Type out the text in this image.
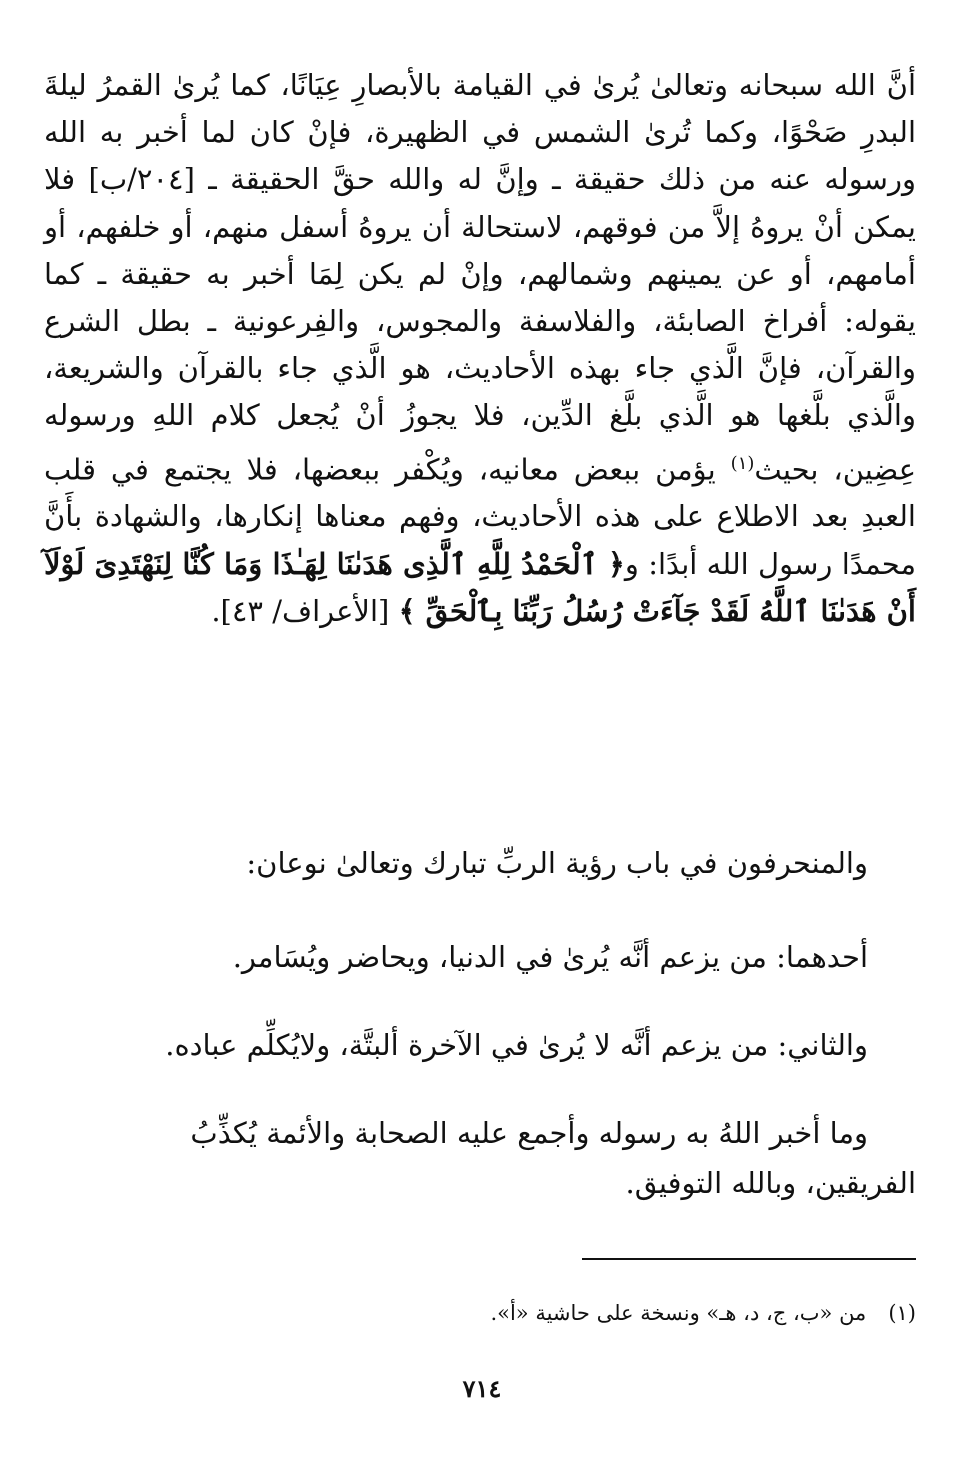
أنَّ الله سبحانه وتعالىٰ يُرىٰ في القيامة بالأبصارِ عِيَانًا، كما يُرىٰ القمرُ ليلةَ البدرِ صَحْوًا، وكما تُرىٰ الشمس في الظهيرة، فإنْ كان لما أخبر به الله ورسوله عنه من ذلك حقيقة ـ وإنَّ له والله حقَّ الحقيقة ـ [٢٠٤/ب] فلا يمكن أنْ يروهُ إلاَّ من فوقهم، لاستحالة أن يروهُ أسفل منهم، أو خلفهم، أو أمامهم، أو عن يمينهم وشمالهم، وإنْ لم يكن لِمَا أخبر به حقيقة ـ كما يقوله: أفراخ الصابئة، والفلاسفة والمجوس، والفِرعونية ـ بطل الشرع والقرآن، فإنَّ الَّذي جاء بهذه الأحاديث، هو الَّذي جاء بالقرآن والشريعة، والَّذي بلَّغها هو الَّذي بلَّغ الدِّين، فلا يجوزُ أنْ يُجعل كلام اللهِ ورسوله عِضِين، بحيث$^{(١)}$ يؤمن ببعض معانيه، ويُكْفر ببعضها، فلا يجتمع في قلب العبدِ بعد الاطلاع على هذه الأحاديث، وفهم معناها إنكارها، والشهادة بأَنَّ محمدًا رسول الله أبدًا: و﴿ ٱلْحَمْدُ لِلَّهِ ٱلَّذِى هَدَىٰنَا لِهَـٰذَا وَمَا كُنَّا لِنَهْتَدِىَ لَوْلَآ أَنْ هَدَىٰنَا ٱللَّهُ لَقَدْ جَآءَتْ رُسُلُ رَبِّنَا بِٱلْحَقِّ ﴾ [الأعراف/ ٤٣].

والمنحرفون في باب رؤية الربِّ تبارك وتعالىٰ نوعان:

أحدهما: من يزعم أنَّه يُرىٰ في الدنيا، ويحاضر ويُسَامر.

والثاني: من يزعم أنَّه لا يُرىٰ في الآخرة ألبتَّة، ولايُكلِّم عباده.

وما أخبر اللهُ به رسوله وأجمع عليه الصحابة والأئمة يُكذِّبُ
الفريقين، وبالله التوفيق.

(١)من «ب، ج، د، هـ» ونسخة على حاشية «أ».

٧١٤
